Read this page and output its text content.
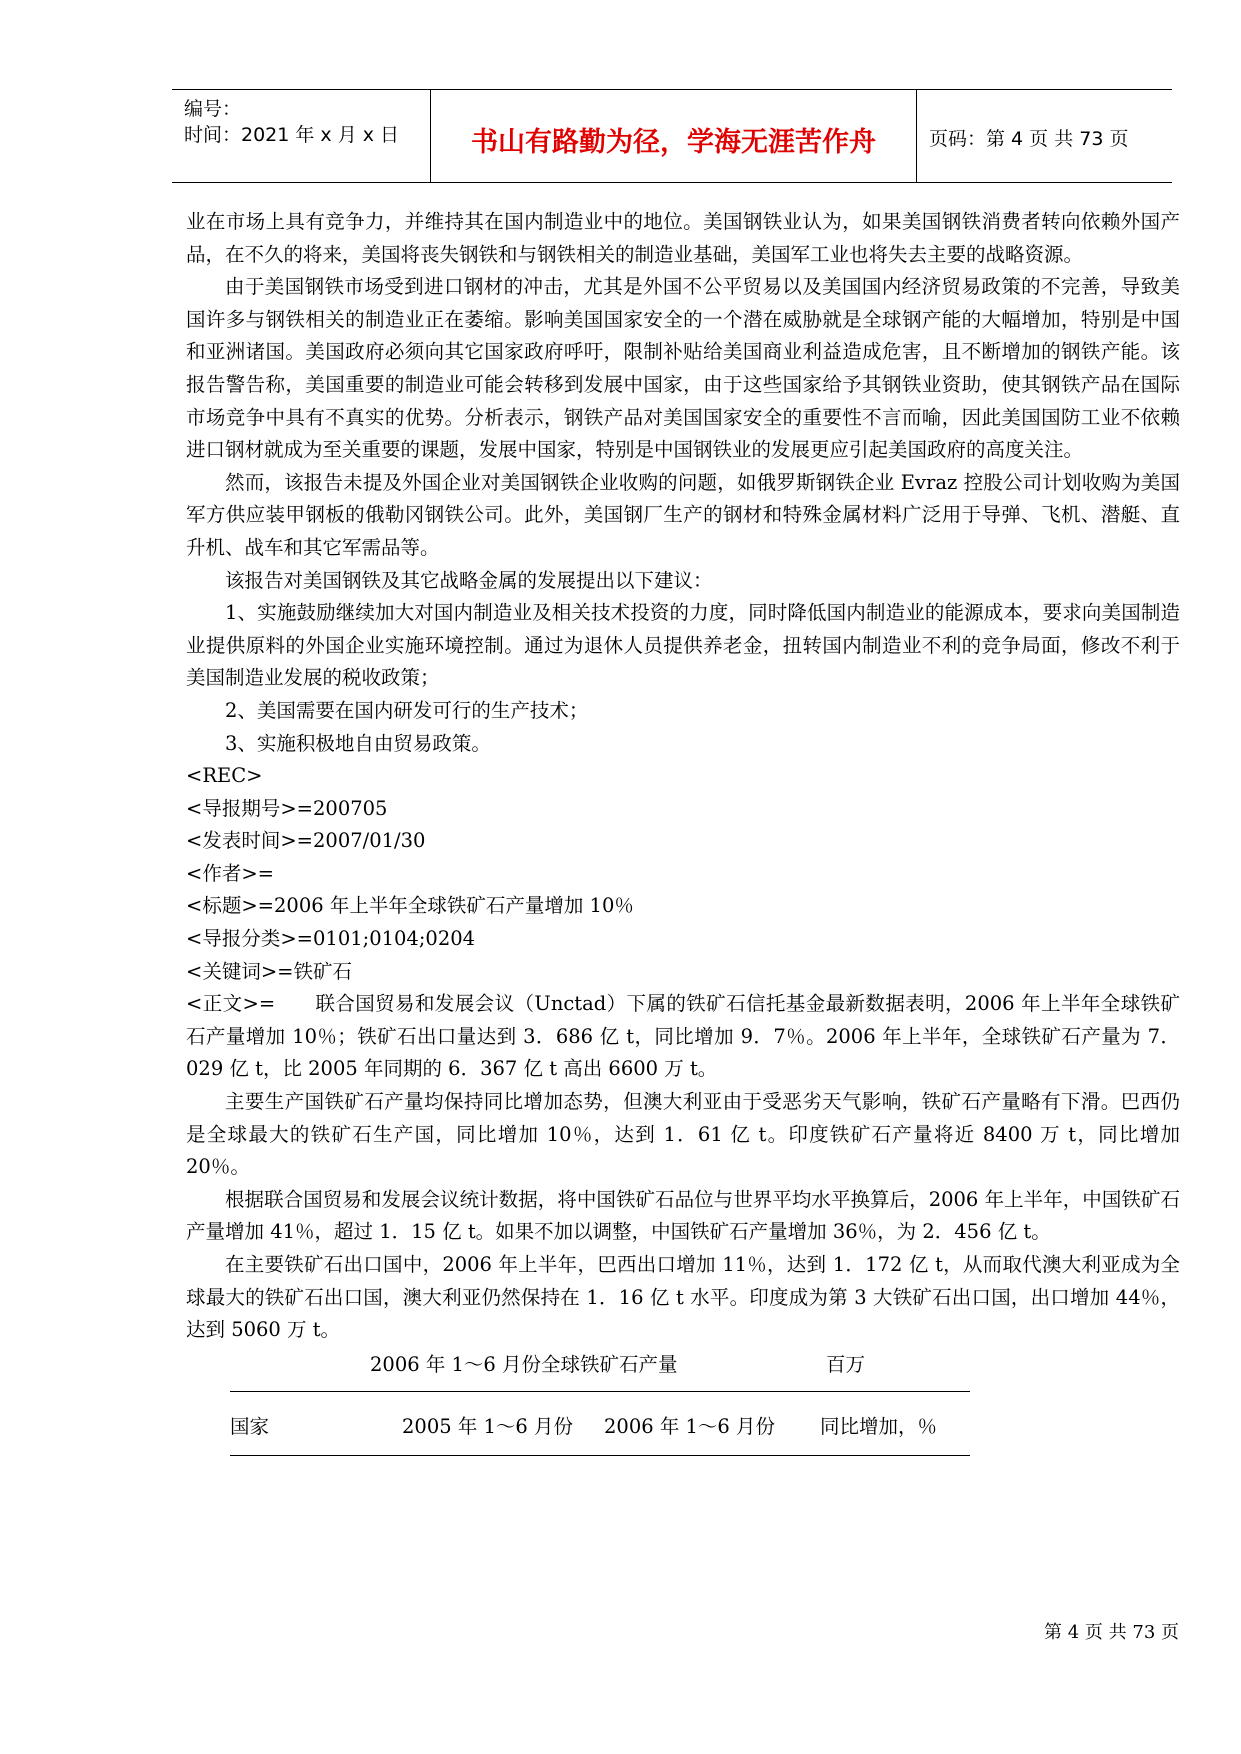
编号：
时间：2021 年 x 月 x 日	书山有路勤为径，学海无涯苦作舟	页码：第 4 页 共 73 页

业在市场上具有竞争力，并维持其在国内制造业中的地位。美国钢铁业认为，如果美国钢铁消费者转向依赖外国产品，在不久的将来，美国将丧失钢铁和与钢铁相关的制造业基础，美国军工业也将失去主要的战略资源。

由于美国钢铁市场受到进口钢材的冲击，尤其是外国不公平贸易以及美国国内经济贸易政策的不完善，导致美国许多与钢铁相关的制造业正在萎缩。影响美国国家安全的一个潜在威胁就是全球钢产能的大幅增加，特别是中国和亚洲诸国。美国政府必须向其它国家政府呼吁，限制补贴给美国商业利益造成危害，且不断增加的钢铁产能。该报告警告称，美国重要的制造业可能会转移到发展中国家，由于这些国家给予其钢铁业资助，使其钢铁产品在国际市场竞争中具有不真实的优势。分析表示，钢铁产品对美国国家安全的重要性不言而喻，因此美国国防工业不依赖进口钢材就成为至关重要的课题，发展中国家，特别是中国钢铁业的发展更应引起美国政府的高度关注。

然而，该报告未提及外国企业对美国钢铁企业收购的问题，如俄罗斯钢铁企业 Evraz 控股公司计划收购为美国军方供应装甲钢板的俄勒冈钢铁公司。此外，美国钢厂生产的钢材和特殊金属材料广泛用于导弹、飞机、潜艇、直升机、战车和其它军需品等。

该报告对美国钢铁及其它战略金属的发展提出以下建议：

1、实施鼓励继续加大对国内制造业及相关技术投资的力度，同时降低国内制造业的能源成本，要求向美国制造业提供原料的外国企业实施环境控制。通过为退休人员提供养老金，扭转国内制造业不利的竞争局面，修改不利于美国制造业发展的税收政策；

2、美国需要在国内研发可行的生产技术；

3、实施积极地自由贸易政策。

<REC>

<导报期号>=200705

<发表时间>=2007/01/30

<作者>=

<标题>=2006 年上半年全球铁矿石产量增加 10％

<导报分类>=0101;0104;0204

<关键词>=铁矿石

<正文>=　　联合国贸易和发展会议（Unctad）下属的铁矿石信托基金最新数据表明，2006 年上半年全球铁矿石产量增加 10％；铁矿石出口量达到 3．686 亿 t，同比增加 9．7％。2006 年上半年，全球铁矿石产量为 7．029 亿 t，比 2005 年同期的 6．367 亿 t 高出 6600 万 t。

主要生产国铁矿石产量均保持同比增加态势，但澳大利亚由于受恶劣天气影响，铁矿石产量略有下滑。巴西仍是全球最大的铁矿石生产国，同比增加 10％，达到 1．61 亿 t。印度铁矿石产量将近 8400 万 t，同比增加 20％。

根据联合国贸易和发展会议统计数据，将中国铁矿石品位与世界平均水平换算后，2006 年上半年，中国铁矿石产量增加 41％，超过 1．15 亿 t。如果不加以调整，中国铁矿石产量增加 36％，为 2．456 亿 t。

在主要铁矿石出口国中，2006 年上半年，巴西出口增加 11％，达到 1．172 亿 t，从而取代澳大利亚成为全球最大的铁矿石出口国，澳大利亚仍然保持在 1．16 亿 t 水平。印度成为第 3 大铁矿石出口国，出口增加 44％，达到 5060 万 t。

2006 年 1～6 月份全球铁矿石产量	百万
国家	2005 年 1～6 月份 2006 年 1～6 月份 同比增加，％
第 4 页 共 73 页
